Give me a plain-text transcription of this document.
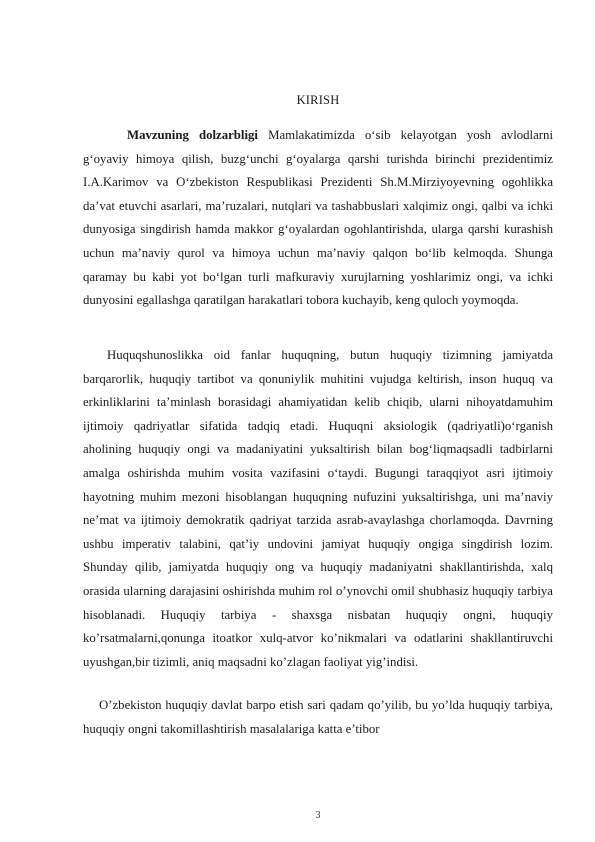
KIRISH

Mavzuning dolzarbligi Mamlakatimizda o‘sib kelayotgan yosh avlodlarni g‘oyaviy himoya qilish, buzg‘unchi g‘oyalarga qarshi turishda birinchi prezidentimiz I.A.Karimov va O‘zbekiston Respublikasi Prezidenti Sh.M.Mirziyoyevning ogohlikka da’vat etuvchi asarlari, ma’ruzalari, nutqlari va tashabbuslari xalqimiz ongi, qalbi va ichki dunyosiga singdirish hamda makkor g‘oyalardan ogohlantirishda, ularga qarshi kurashish uchun ma’naviy qurol va himoya uchun ma’naviy qalqon bo‘lib kelmoqda. Shunga qaramay bu kabi yot bo‘lgan turli mafkuraviy xurujlarning yoshlarimiz ongi, va ichki dunyosini egallashga qaratilgan harakatlari tobora kuchayib, keng quloch yoymoqda.

Huquqshunoslikka oid fanlar huquqning, butun huquqiy tizimning jamiyatda barqarorlik, huquqiy tartibot va qonuniylik muhitini vujudga keltirish, inson huquq va erkinliklarini ta’minlash borasidagi ahamiyatidan kelib chiqib, ularni nihoyatdamuhim ijtimoiy qadriyatlar sifatida tadqiq etadi. Huquqni aksiologik (qadriyatli)o‘rganish aholining huquqiy ongi va madaniyatini yuksaltirish bilan bog‘liqmaqsadli tadbirlarni amalga oshirishda muhim vosita vazifasini o‘taydi. Bugungi taraqqiyot asri ijtimoiy hayotning muhim mezoni hisoblangan huquqning nufuzini yuksaltirishga, uni ma’naviy ne’mat va ijtimoiy demokratik qadriyat tarzida asrab-avaylashga chorlamoqda. Davrning ushbu imperativ talabini, qat’iy undovini jamiyat huquqiy ongiga singdirish lozim. Shunday qilib, jamiyatda huquqiy ong va huquqiy madaniyatni shakllantirishda, xalq orasida ularning darajasini oshirishda muhim rol o’ynovchi omil shubhasiz huquqiy tarbiya hisoblanadi. Huquqiy tarbiya - shaxsga nisbatan huquqiy ongni, huquqiy ko’rsatmalarni,qonunga itoatkor xulq-atvor ko’nikmalari va odatlarini shakllantiruvchi uyushgan,bir tizimli, aniq maqsadni ko’zlagan faoliyat yig’indisi.

O’zbekiston huquqiy davlat barpo etish sari qadam qo’yilib, bu yo’lda huquqiy tarbiya, huquqiy ongni takomillashtirish masalalariga katta e’tibor

3
